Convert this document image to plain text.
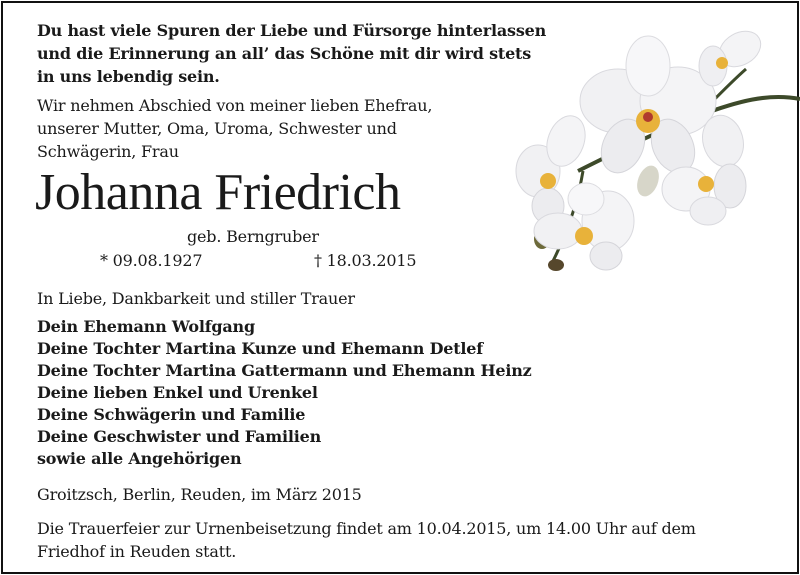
Du hast viele Spuren der Liebe und Fürsorge hinterlassen
und die Erinnerung an all’ das Schöne mit dir wird stets
in uns lebendig sein.
Wir nehmen Abschied von meiner lieben Ehefrau,
unserer Mutter, Oma, Uroma, Schwester und
Schwägerin, Frau
Johanna Friedrich
geb. Berngruber
* 09.08.1927	† 18.03.2015
In Liebe, Dankbarkeit und stiller Trauer
Dein Ehemann Wolfgang
Deine Tochter Martina Kunze und Ehemann Detlef
Deine Tochter Martina Gattermann und Ehemann Heinz
Deine lieben Enkel und Urenkel
Deine Schwägerin und Familie
Deine Geschwister und Familien
sowie alle Angehörigen
Groitzsch, Berlin, Reuden, im März 2015
Die Trauerfeier zur Urnenbeisetzung findet am 10.04.2015, um 14.00 Uhr auf dem
Friedhof in Reuden statt.
